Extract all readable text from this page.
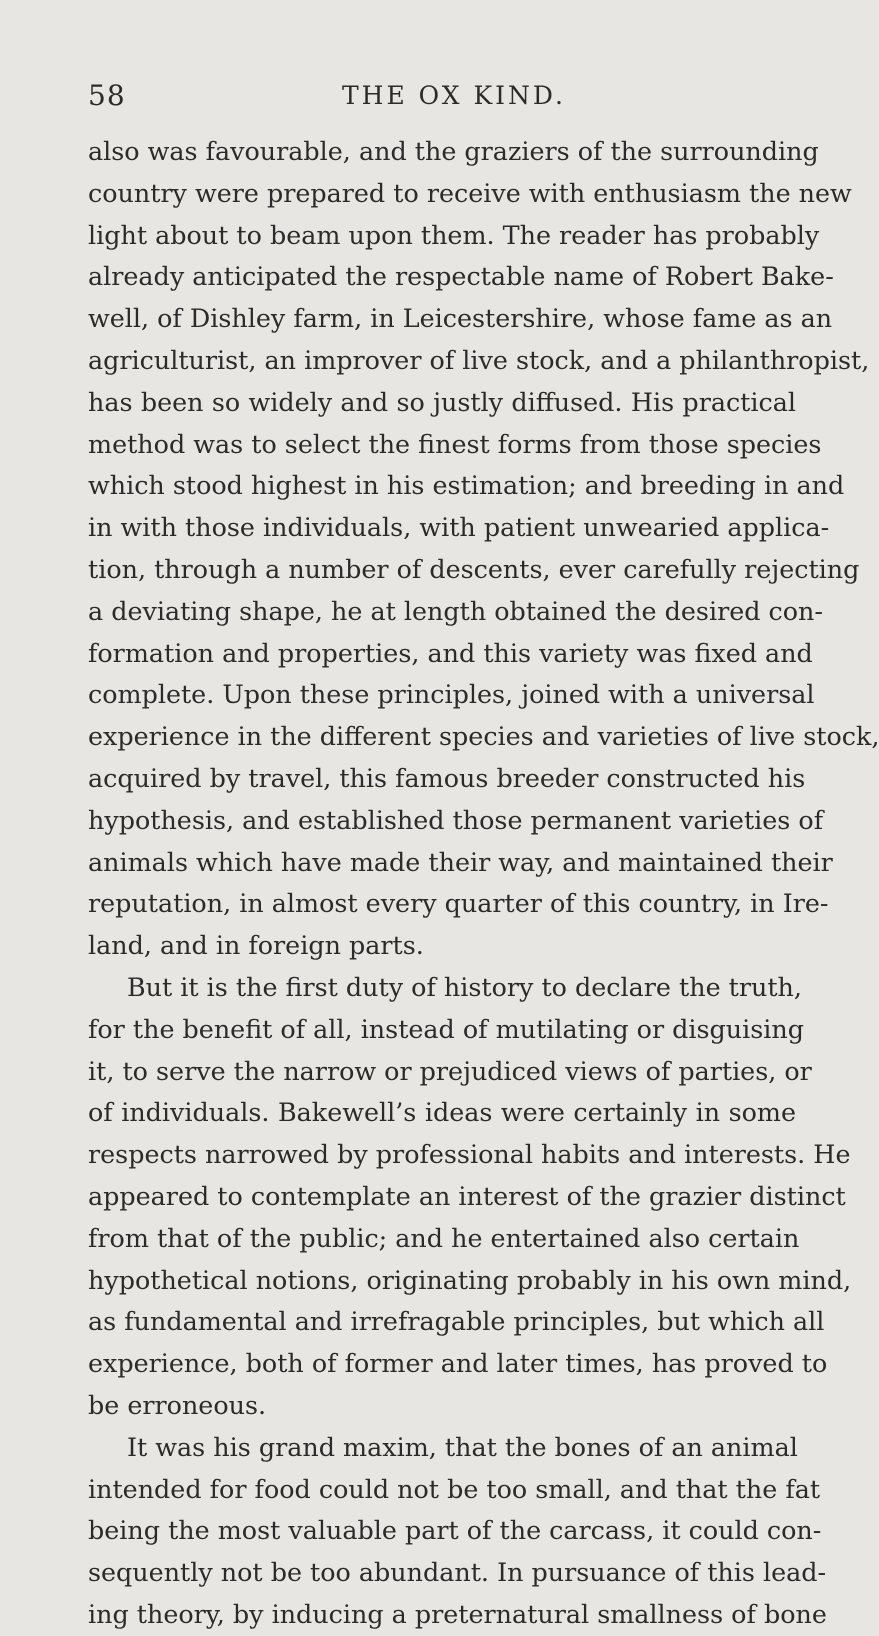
58	THE OX KIND.
also was favourable, and the graziers of the surrounding
country were prepared to receive with enthusiasm the new
light about to beam upon them. The reader has probably
already anticipated the respectable name of Robert Bake-
well, of Dishley farm, in Leicestershire, whose fame as an
agriculturist, an improver of live stock, and a philanthropist,
has been so widely and so justly diffused. His practical
method was to select the finest forms from those species
which stood highest in his estimation; and breeding in and
in with those individuals, with patient unwearied applica-
tion, through a number of descents, ever carefully rejecting
a deviating shape, he at length obtained the desired con-
formation and properties, and this variety was fixed and
complete. Upon these principles, joined with a universal
experience in the different species and varieties of live stock,
acquired by travel, this famous breeder constructed his
hypothesis, and established those permanent varieties of
animals which have made their way, and maintained their
reputation, in almost every quarter of this country, in Ire-
land, and in foreign parts.
But it is the first duty of history to declare the truth,
for the benefit of all, instead of mutilating or disguising
it, to serve the narrow or prejudiced views of parties, or
of individuals. Bakewell’s ideas were certainly in some
respects narrowed by professional habits and interests. He
appeared to contemplate an interest of the grazier distinct
from that of the public; and he entertained also certain
hypothetical notions, originating probably in his own mind,
as fundamental and irrefragable principles, but which all
experience, both of former and later times, has proved to
be erroneous.
It was his grand maxim, that the bones of an animal
intended for food could not be too small, and that the fat
being the most valuable part of the carcass, it could con-
sequently not be too abundant. In pursuance of this lead-
ing theory, by inducing a preternatural smallness of bone
